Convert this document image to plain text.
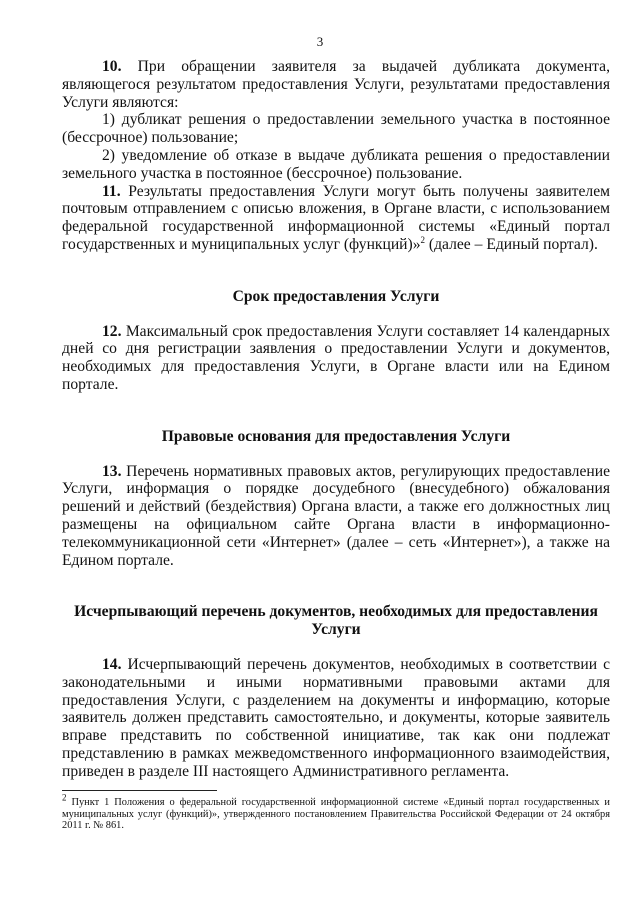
3

10. При обращении заявителя за выдачей дубликата документа, являющегося результатом предоставления Услуги, результатами предоставления Услуги являются:

1) дубликат решения о предоставлении земельного участка в постоянное (бессрочное) пользование;

2) уведомление об отказе в выдаче дубликата решения о предоставлении земельного участка в постоянное (бессрочное) пользование.

11. Результаты предоставления Услуги могут быть получены заявителем почтовым отправлением с описью вложения, в Органе власти, с использованием федеральной государственной информационной системы «Единый портал государственных и муниципальных услуг (функций)»$^2$ (далее – Единый портал).

Срок предоставления Услуги

12. Максимальный срок предоставления Услуги составляет 14 календарных дней со дня регистрации заявления о предоставлении Услуги и документов, необходимых для предоставления Услуги, в Органе власти или на Едином портале.

Правовые основания для предоставления Услуги

13. Перечень нормативных правовых актов, регулирующих предоставление Услуги, информация о порядке досудебного (внесудебного) обжалования решений и действий (бездействия) Органа власти, а также его должностных лиц размещены на официальном сайте Органа власти в информационно-телекоммуникационной сети «Интернет» (далее – сеть «Интернет»), а также на Едином портале.

Исчерпывающий перечень документов, необходимых для предоставления Услуги

14. Исчерпывающий перечень документов, необходимых в соответствии с законодательными и иными нормативными правовыми актами для предоставления Услуги, с разделением на документы и информацию, которые заявитель должен представить самостоятельно, и документы, которые заявитель вправе представить по собственной инициативе, так как они подлежат представлению в рамках межведомственного информационного взаимодействия, приведен в разделе III настоящего Административного регламента.

$^2$ Пункт 1 Положения о федеральной государственной информационной системе «Единый портал государственных и муниципальных услуг (функций)», утвержденного постановлением Правительства Российской Федерации от 24 октября 2011 г. № 861.
